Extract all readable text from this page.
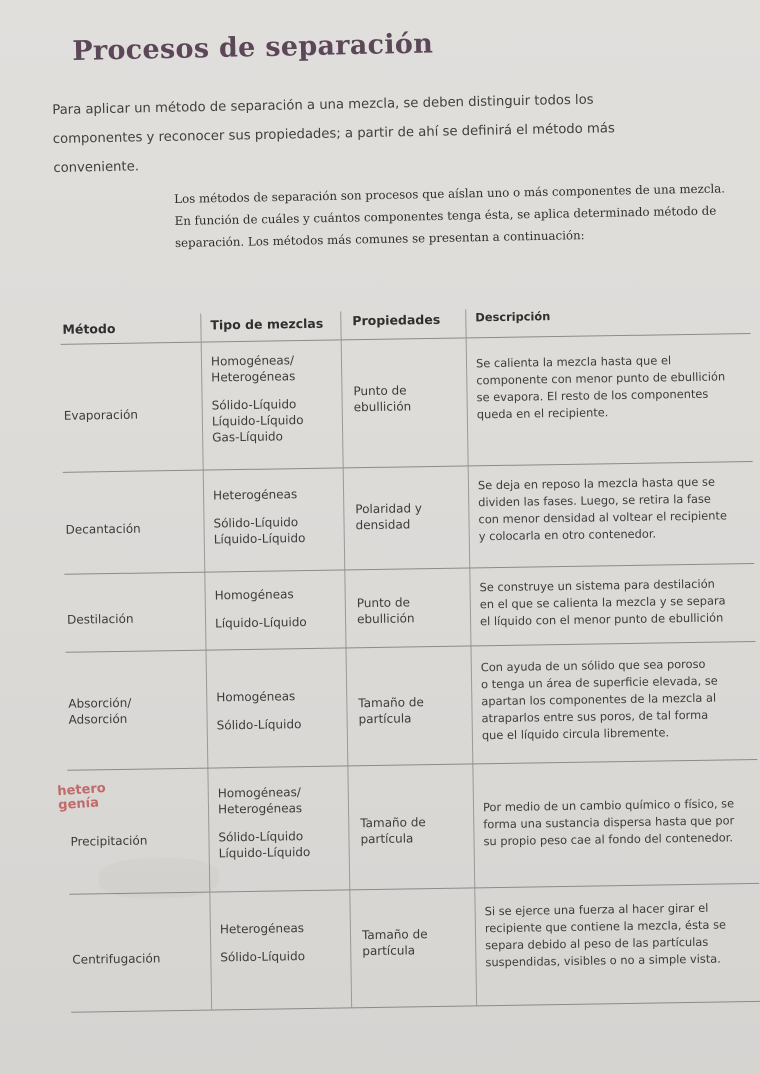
Procesos de separación

Para aplicar un método de separación a una mezcla, se deben distinguir todos los componentes y reconocer sus propiedades; a partir de ahí se definirá el método más conveniente.

Los métodos de separación son procesos que aíslan uno o más componentes de una mezcla. En función de cuáles y cuántos componentes tenga ésta, se aplica determinado método de separación. Los métodos más comunes se presentan a continuación:

Método	Tipo de mezclas Propiedades	Descripción
Evaporación
Homogéneas/
Heterogéneas
Sólido-Líquido
Líquido-Líquido
Gas-Líquido
Punto de
ebullición
Se calienta la mezcla hasta que el
componente con menor punto de ebullición
se evapora. El resto de los componentes
queda en el recipiente.
Decantación
Heterogéneas
Sólido-Líquido
Líquido-Líquido
Polaridad y
densidad
Se deja en reposo la mezcla hasta que se
dividen las fases. Luego, se retira la fase
con menor densidad al voltear el recipiente
y colocarla en otro contenedor.
Destilación
Homogéneas
Líquido-Líquido
Punto de
ebullición
Se construye un sistema para destilación
en el que se calienta la mezcla y se separa
el líquido con el menor punto de ebullición
Absorción/
Adsorción
Homogéneas
Sólido-Líquido
Tamaño de
partícula
Con ayuda de un sólido que sea poroso
o tenga un área de superficie elevada, se
apartan los componentes de la mezcla al
atraparlos entre sus poros, de tal forma
que el líquido circula libremente.
Precipitación
Homogéneas/
Heterogéneas
Sólido-Líquido
Líquido-Líquido
Tamaño de
partícula
Por medio de un cambio químico o físico, se
forma una sustancia dispersa hasta que por
su propio peso cae al fondo del contenedor.
Centrifugación
Heterogéneas
Sólido-Líquido
Tamaño de
partícula
Si se ejerce una fuerza al hacer girar el
recipiente que contiene la mezcla, ésta se
separa debido al peso de las partículas
suspendidas, visibles o no a simple vista.
hetero
genía
